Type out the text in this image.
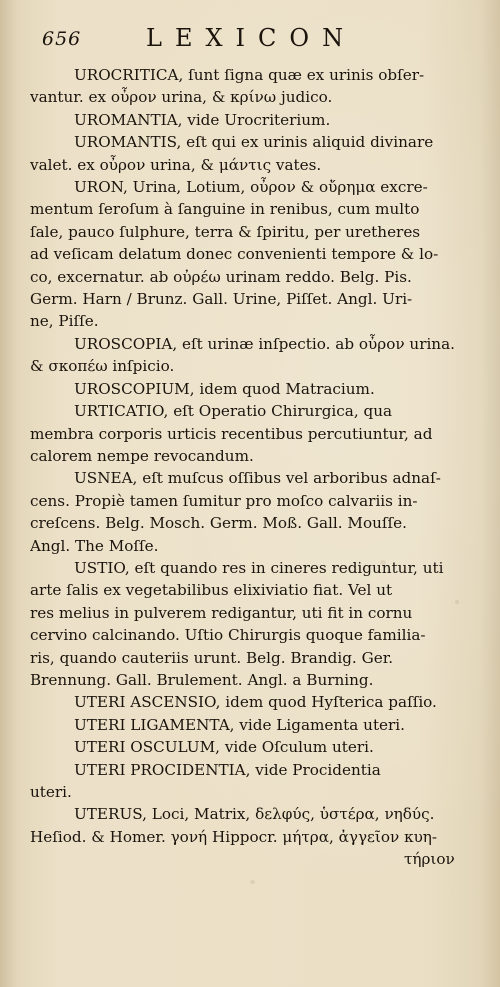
656	LEXICON

UROCRITICA, ſunt ſigna quæ ex urinis obſer-
vantur. ex οὖρον urina, & κρίνω judico.

UROMANTIA, vide Urocriterium.
UROMANTIS, eſt qui ex urinis aliquid divinare
valet. ex οὖρον urina, & μάντις vates.

URON, Urina, Lotium, οὖρον & οὔρημα excre-
mentum ſeroſum à ſanguine in renibus, cum multo
ſale, pauco ſulphure, terra & ſpiritu, per uretheres
ad veſicam delatum donec convenienti tempore & lo-
co, excernatur. ab οὐρέω urinam reddo. Belg. Pis.
Germ. Harn / Brunz. Gall. Urine, Piſſet. Angl. Uri-
ne, Piſſe.

UROSCOPIA, eſt urinæ inſpectio. ab οὖρον urina.
& σκοπέω inſpicio.

UROSCOPIUM, idem quod Matracium.

URTICATIO, eſt Operatio Chirurgica, qua
membra corporis urticis recentibus percutiuntur, ad
calorem nempe revocandum.

USNEA, eſt muſcus oſſibus vel arboribus adnaſ-
cens. Propiè tamen ſumitur pro moſco calvariis in-
creſcens. Belg. Mosch. Germ. Moß. Gall. Mouſſe.
Angl. The Moſſe.

USTIO, eſt quando res in cineres rediguntur, uti
arte ſalis ex vegetabilibus elixiviatio fiat. Vel ut
res melius in pulverem redigantur, uti fit in cornu
cervino calcinando. Uſtio Chirurgis quoque familia-
ris, quando cauteriis urunt. Belg. Brandig. Ger.
Brennung. Gall. Brulement. Angl. a Burning.

UTERI ASCENSIO, idem quod Hyſterica paſſio.

UTERI LIGAMENTA, vide Ligamenta uteri.

UTERI OSCULUM, vide Oſculum uteri.

UTERI PROCIDENTIA, vide Procidentia
uteri.

UTERUS, Loci, Matrix, δελφύς, ὑστέρα, νηδύς.
Heſiod. & Homer. γονή Hippocr. μήτρα, ἀγγεῖον κυη-
τήριον
